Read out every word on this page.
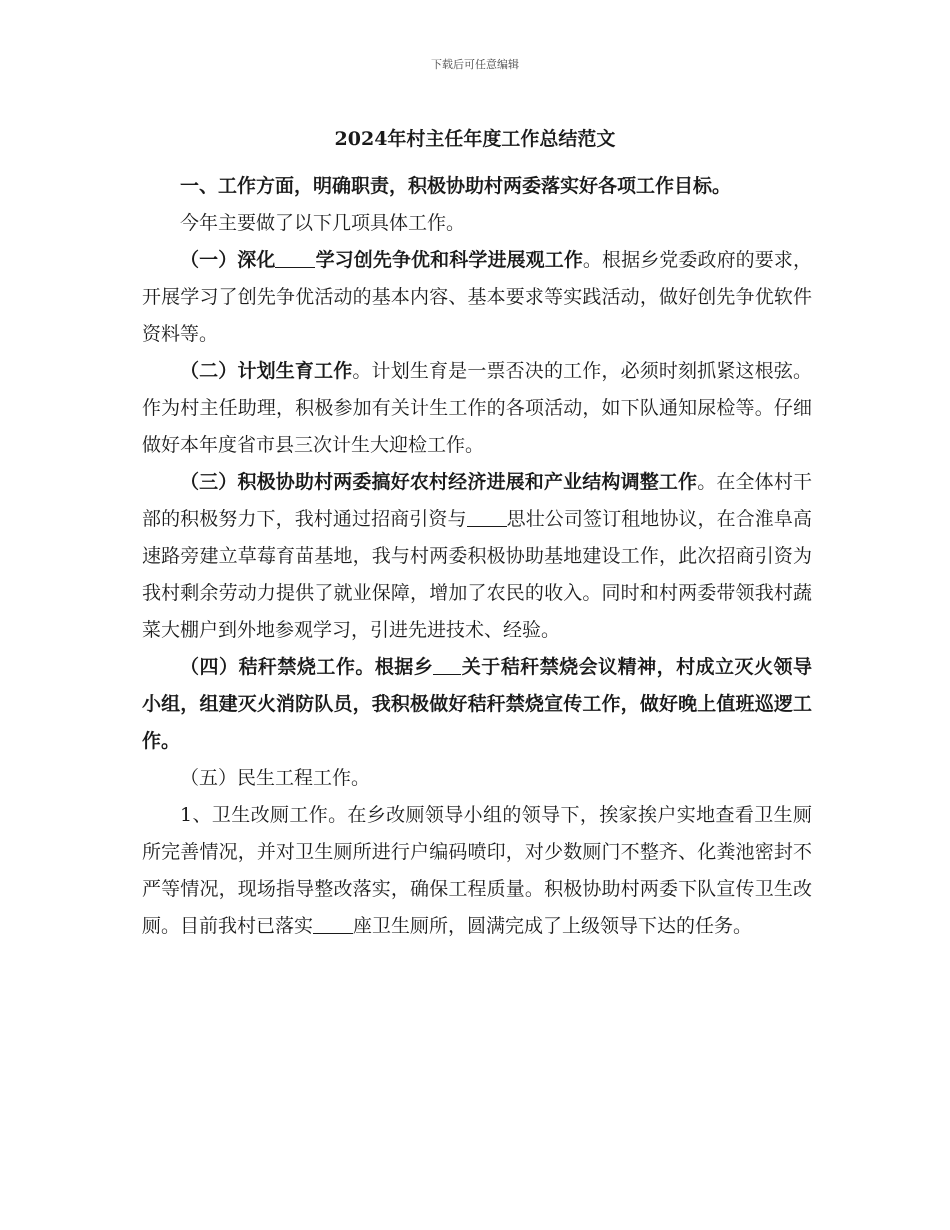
下载后可任意编辑
2024年村主任年度工作总结范文

一、工作方面，明确职责，积极协助村两委落实好各项工作目标。

今年主要做了以下几项具体工作。

（一）深化 学习创先争优和科学进展观工作。根据乡党委政府的要求，开展学习了创先争优活动的基本内容、基本要求等实践活动，做好创先争优软件资料等。

（二）计划生育工作。计划生育是一票否决的工作，必须时刻抓紧这根弦。作为村主任助理，积极参加有关计生工作的各项活动，如下队通知尿检等。仔细做好本年度省市县三次计生大迎检工作。

（三）积极协助村两委搞好农村经济进展和产业结构调整工作。在全体村干部的积极努力下，我村通过招商引资与 思壮公司签订租地协议，在合淮阜高速路旁建立草莓育苗基地，我与村两委积极协助基地建设工作，此次招商引资为我村剩余劳动力提供了就业保障，增加了农民的收入。同时和村两委带领我村蔬菜大棚户到外地参观学习，引进先进技术、经验。

（四）秸秆禁烧工作。根据乡 关于秸秆禁烧会议精神，村成立灭火领导小组，组建灭火消防队员，我积极做好秸秆禁烧宣传工作，做好晚上值班巡逻工作。

（五）民生工程工作。

1、卫生改厕工作。在乡改厕领导小组的领导下，挨家挨户实地查看卫生厕所完善情况，并对卫生厕所进行户编码喷印，对少数厕门不整齐、化粪池密封不严等情况，现场指导整改落实，确保工程质量。积极协助村两委下队宣传卫生改厕。目前我村已落实 座卫生厕所，圆满完成了上级领导下达的任务。
